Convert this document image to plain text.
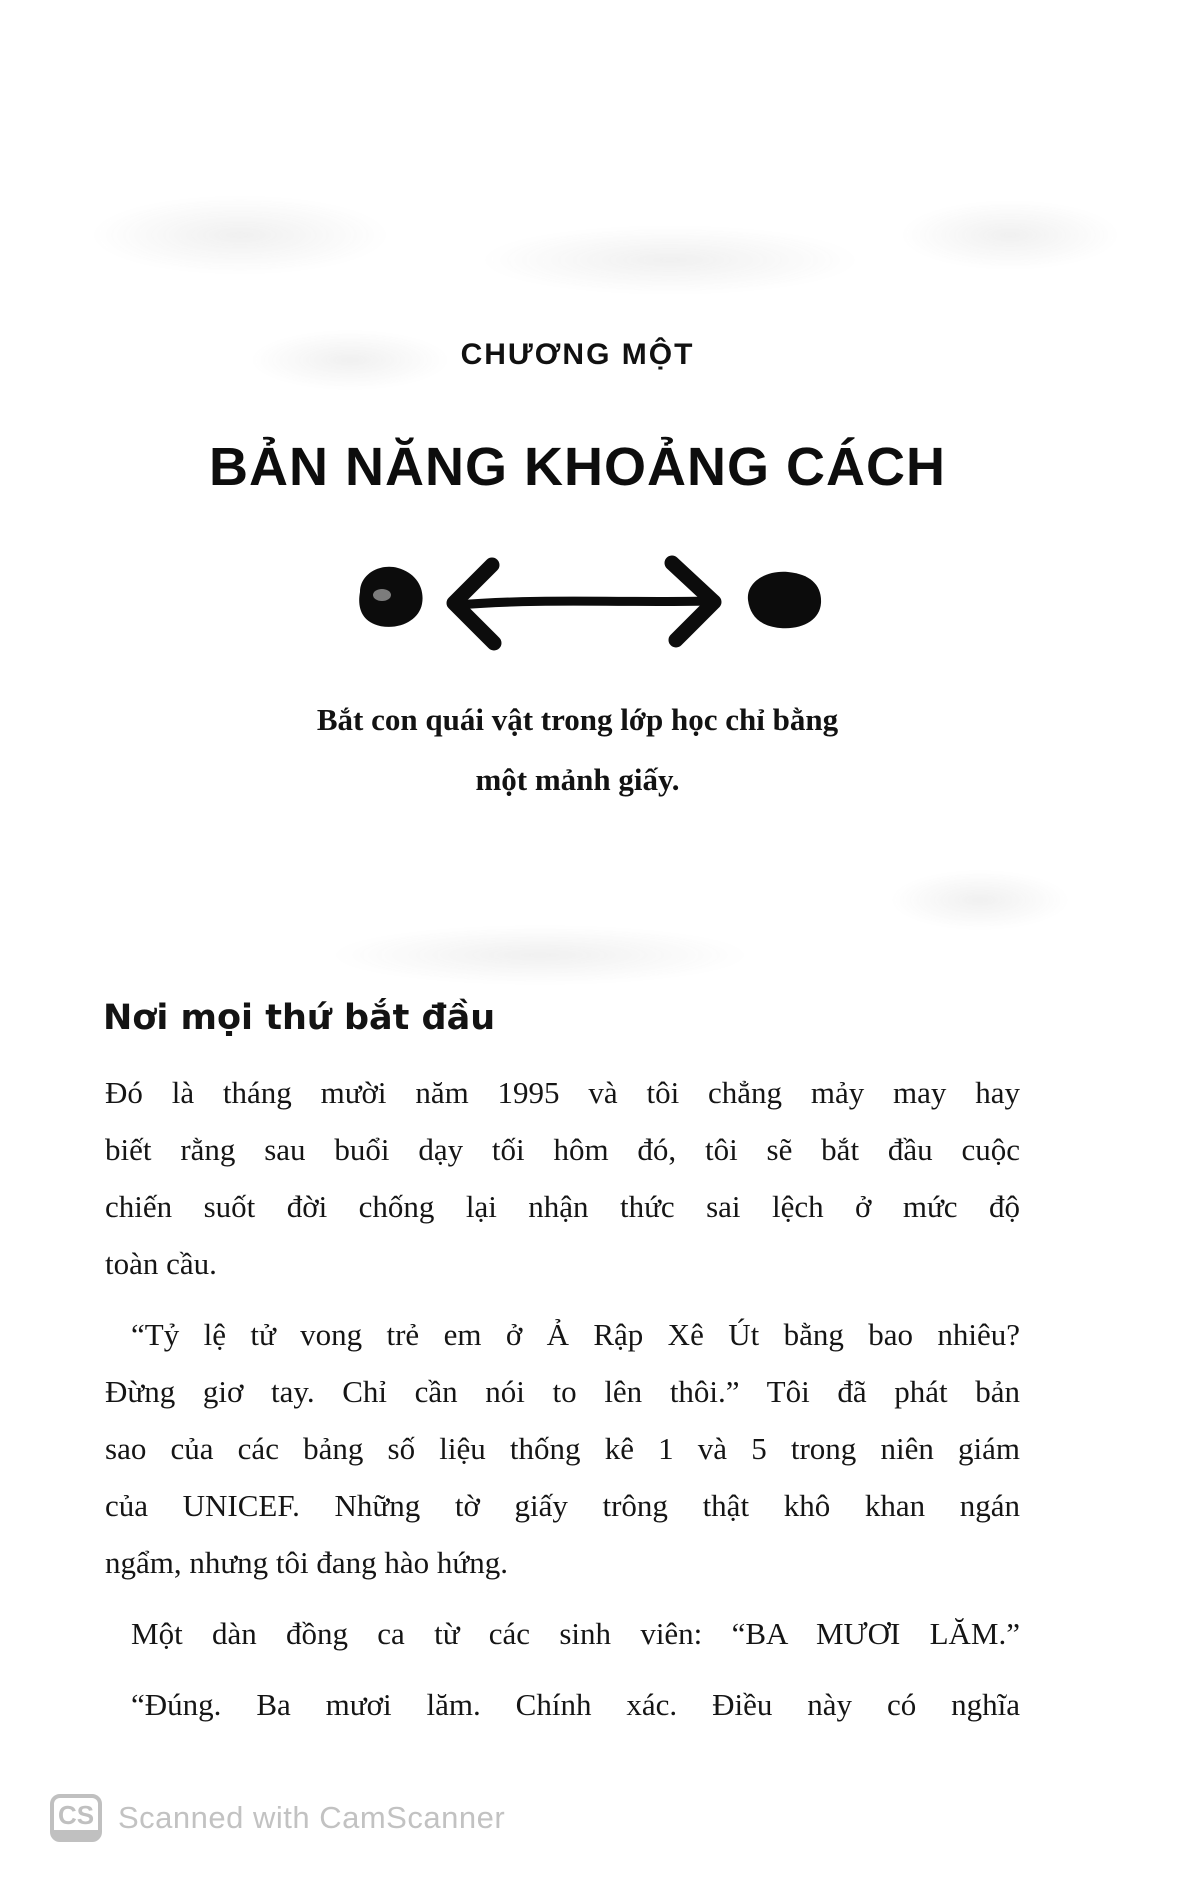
CHƯƠNG MỘT
BẢN NĂNG KHOẢNG CÁCH
Bắt con quái vật trong lớp học chỉ bằng
một mảnh giấy.
Nơi mọi thứ bắt đầu
Đó là tháng mười năm 1995 và tôi chẳng mảy may hay
biết rằng sau buổi dạy tối hôm đó, tôi sẽ bắt đầu cuộc
chiến suốt đời chống lại nhận thức sai lệch ở mức độ
toàn cầu.
“Tỷ lệ tử vong trẻ em ở Ả Rập Xê Út bằng bao nhiêu?
Đừng giơ tay. Chỉ cần nói to lên thôi.” Tôi đã phát bản
sao của các bảng số liệu thống kê 1 và 5 trong niên giám
của UNICEF. Những tờ giấy trông thật khô khan ngán
ngẩm, nhưng tôi đang hào hứng.
Một dàn đồng ca từ các sinh viên: “BA MƯƠI LĂM.”
“Đúng. Ba mươi lăm. Chính xác. Điều này có nghĩa
CS Scanned with CamScanner
